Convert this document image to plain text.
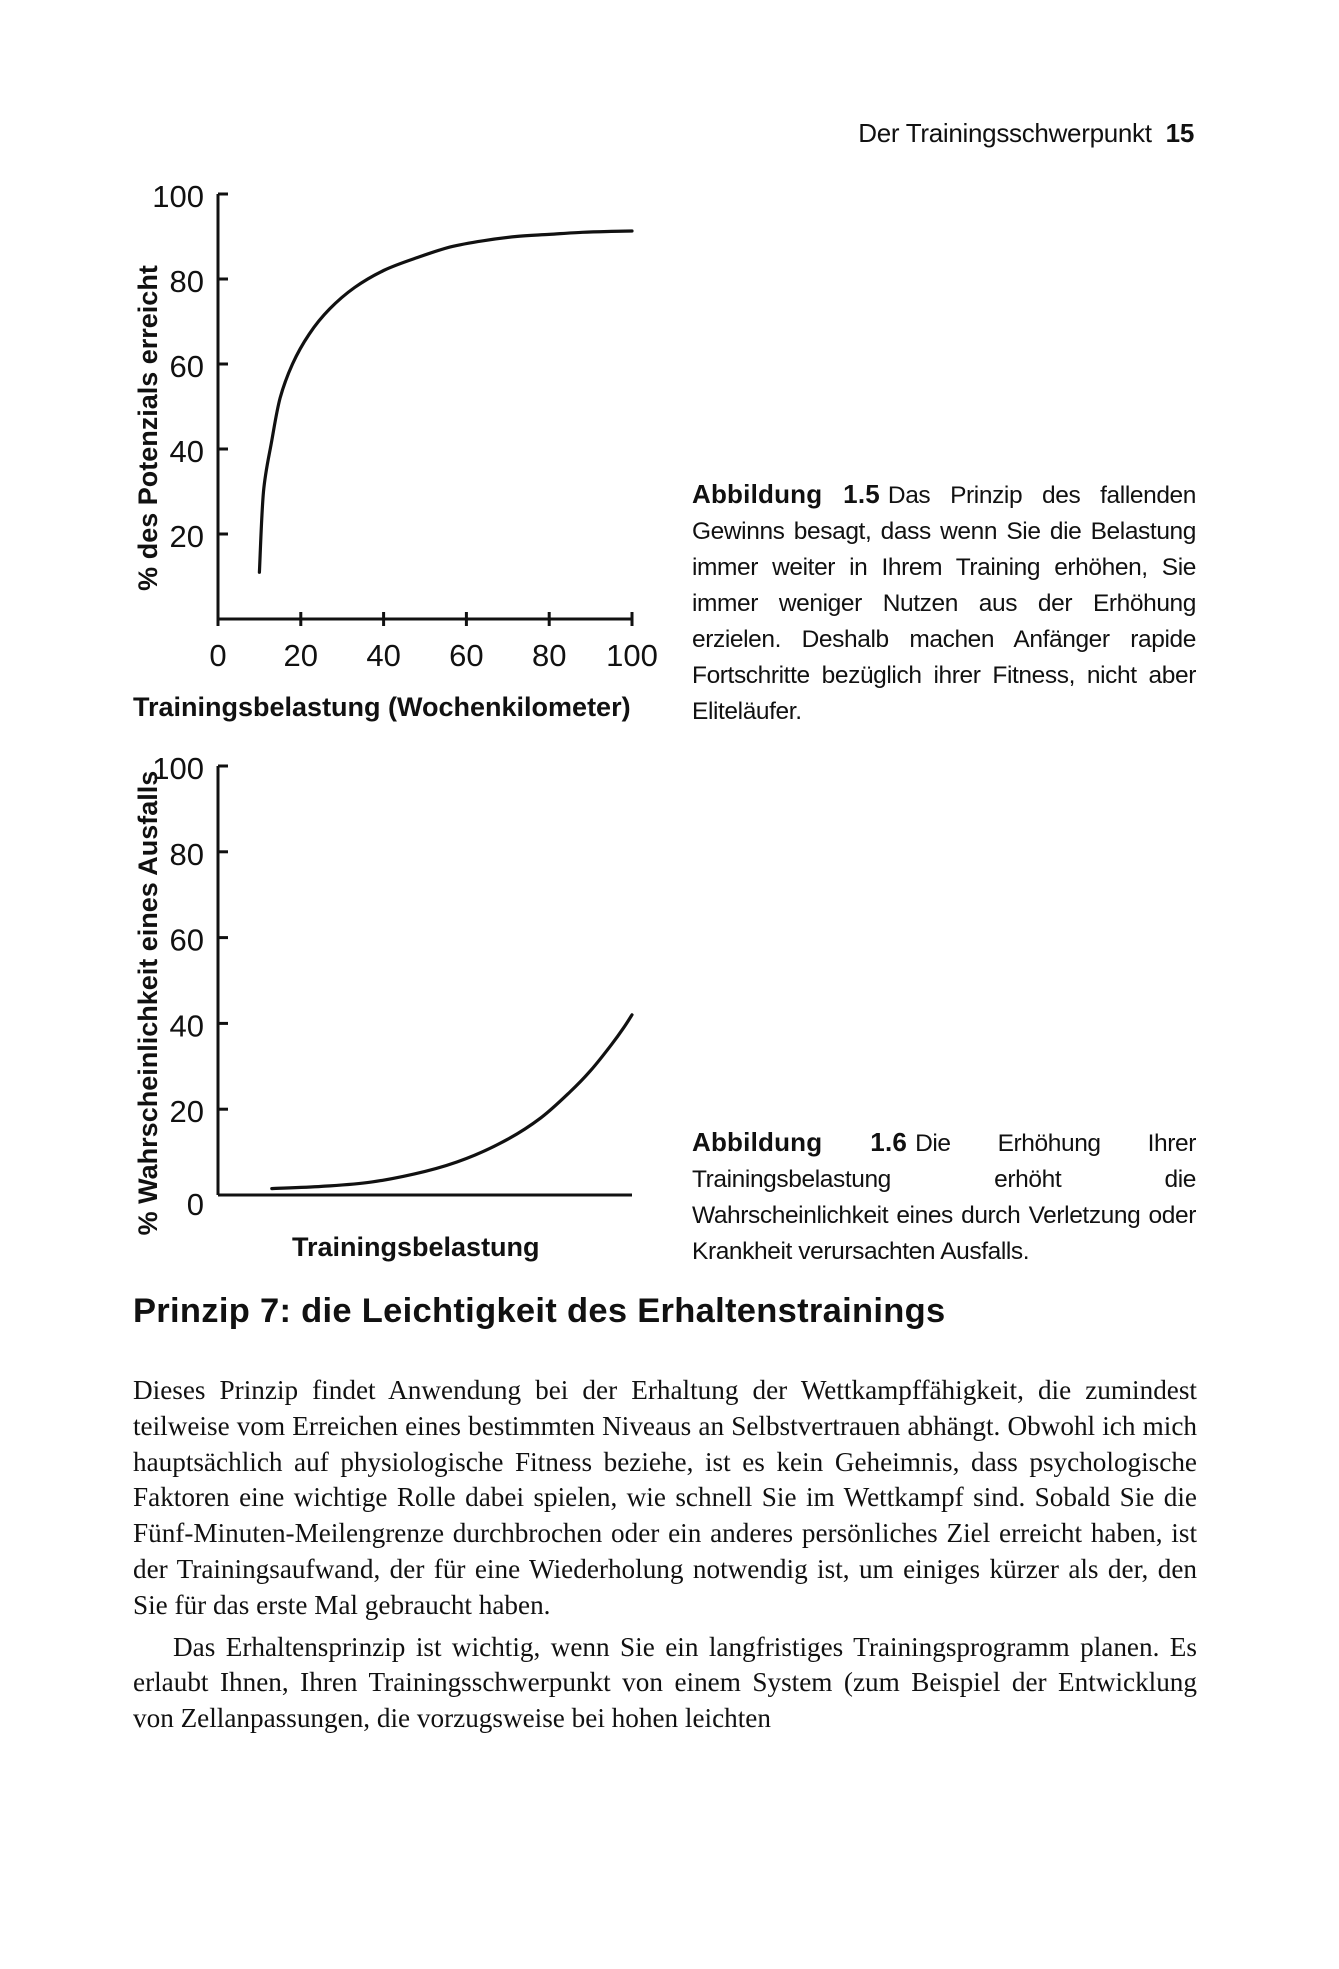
Der Trainingsschwerpunkt 15
20
40
60
80
100
0 20 40 60 80 100
% des Potenzials erreicht
Trainingsbelastung (Wochenkilometer)
0
20
40
60
80
100
% Wahrscheinlichkeit eines Ausfalls
Trainingsbelastung
Abbildung 1.5 Das Prinzip des fallenden Gewinns besagt, dass wenn Sie die Belastung immer weiter in Ihrem Training erhöhen, Sie immer weniger Nutzen aus der Erhöhung erzielen. Deshalb machen Anfänger rapide Fortschritte bezüglich ihrer Fitness, nicht aber Eliteläufer.
Abbildung 1.6 Die Erhöhung Ihrer Trainingsbelastung erhöht die Wahrscheinlichkeit eines durch Verletzung oder Krankheit verursachten Ausfalls.
Prinzip 7: die Leichtigkeit des Erhaltenstrainings

Dieses Prinzip findet Anwendung bei der Erhaltung der Wettkampffähigkeit, die zumindest teilweise vom Erreichen eines bestimmten Niveaus an Selbstvertrauen abhängt. Obwohl ich mich hauptsächlich auf physiologische Fitness beziehe, ist es kein Geheimnis, dass psychologische Faktoren eine wichtige Rolle dabei spielen, wie schnell Sie im Wettkampf sind. Sobald Sie die Fünf-Minuten-Meilengrenze durchbrochen oder ein anderes persönliches Ziel erreicht haben, ist der Trainingsaufwand, der für eine Wiederholung notwendig ist, um einiges kürzer als der, den Sie für das erste Mal gebraucht haben.

Das Erhaltensprinzip ist wichtig, wenn Sie ein langfristiges Trainingsprogramm planen. Es erlaubt Ihnen, Ihren Trainingsschwerpunkt von einem System (zum Beispiel der Entwicklung von Zellanpassungen, die vorzugsweise bei hohen leichten
